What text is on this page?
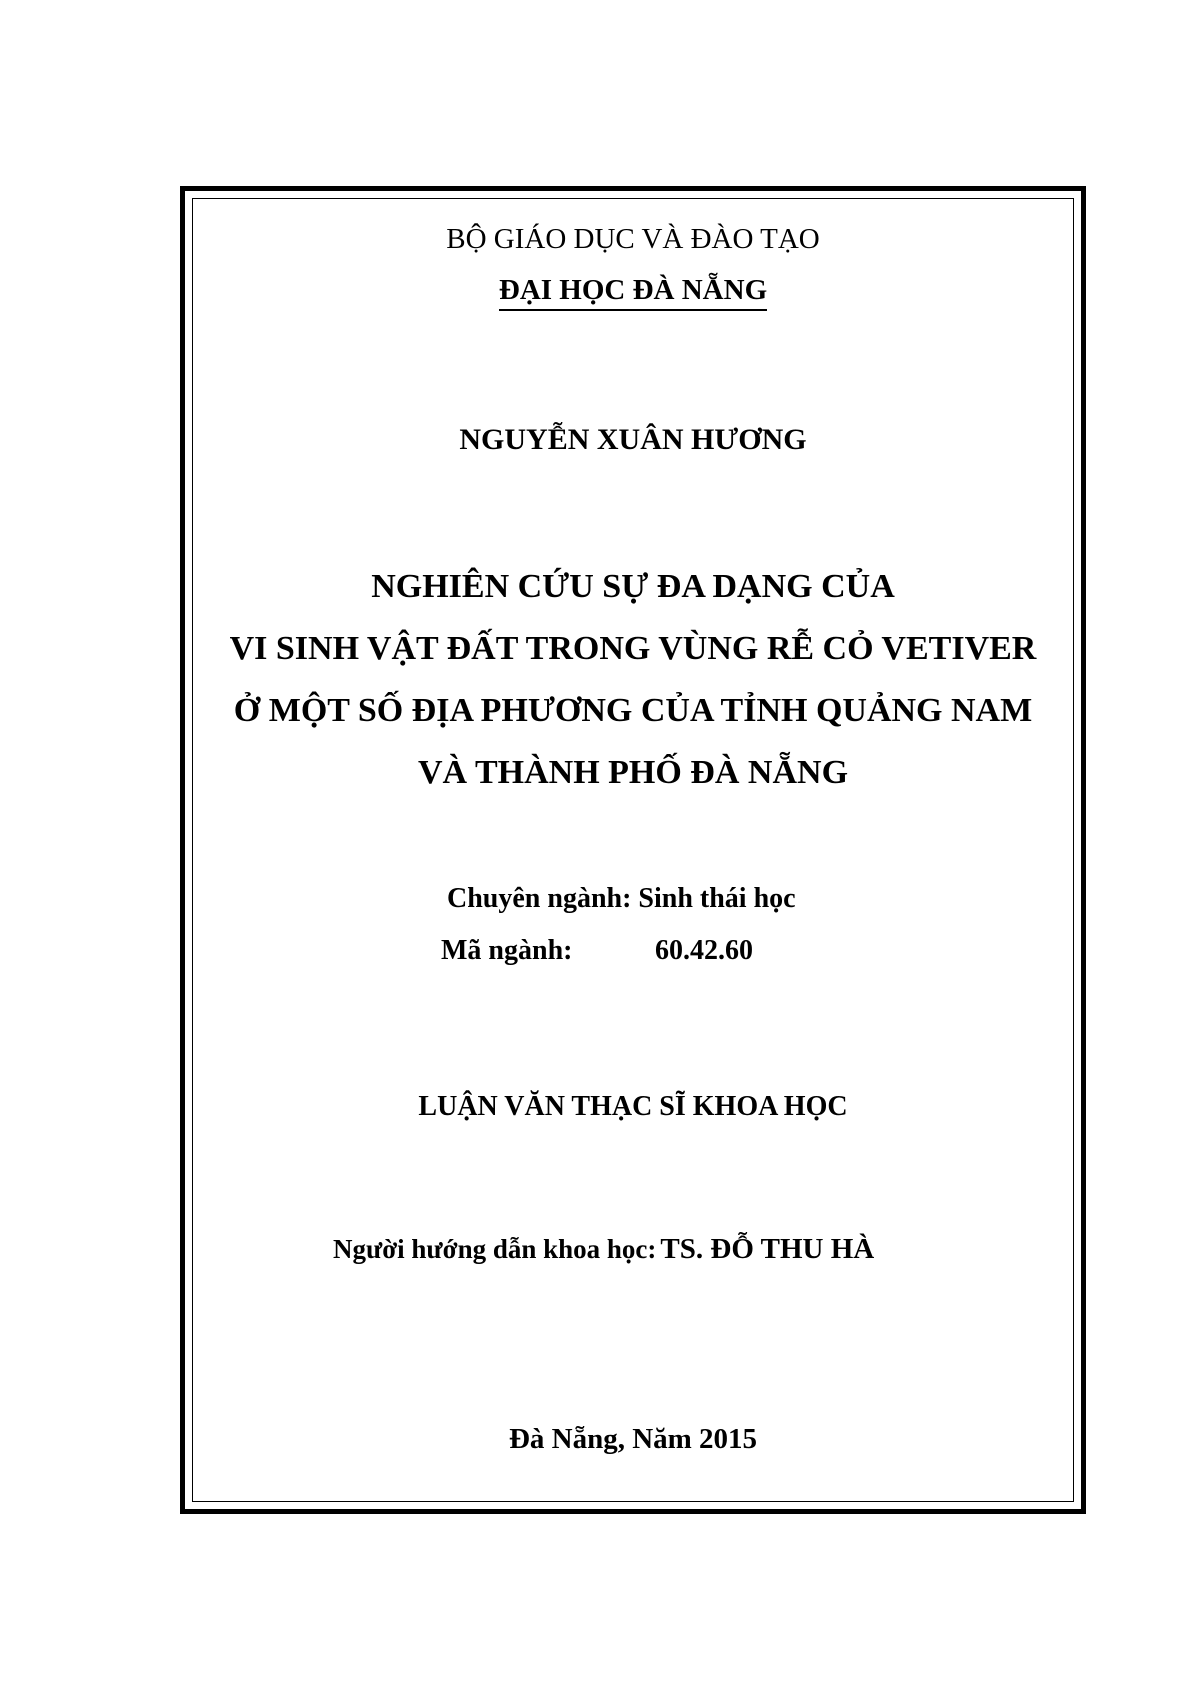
BỘ GIÁO DỤC VÀ ĐÀO TẠO
ĐẠI HỌC ĐÀ NẴNG
NGUYỄN XUÂN HƯƠNG
NGHIÊN CỨU SỰ ĐA DẠNG CỦA
VI SINH VẬT ĐẤT TRONG VÙNG RỄ CỎ VETIVER
Ở MỘT SỐ ĐỊA PHƯƠNG CỦA TỈNH QUẢNG NAM
VÀ THÀNH PHỐ ĐÀ NẴNG
Chuyên ngành: Sinh thái học
Mã ngành:	60.42.60
LUẬN VĂN THẠC SĨ KHOA HỌC
Người hướng dẫn khoa học: TS. ĐỖ THU HÀ
Đà Nẵng, Năm 2015
